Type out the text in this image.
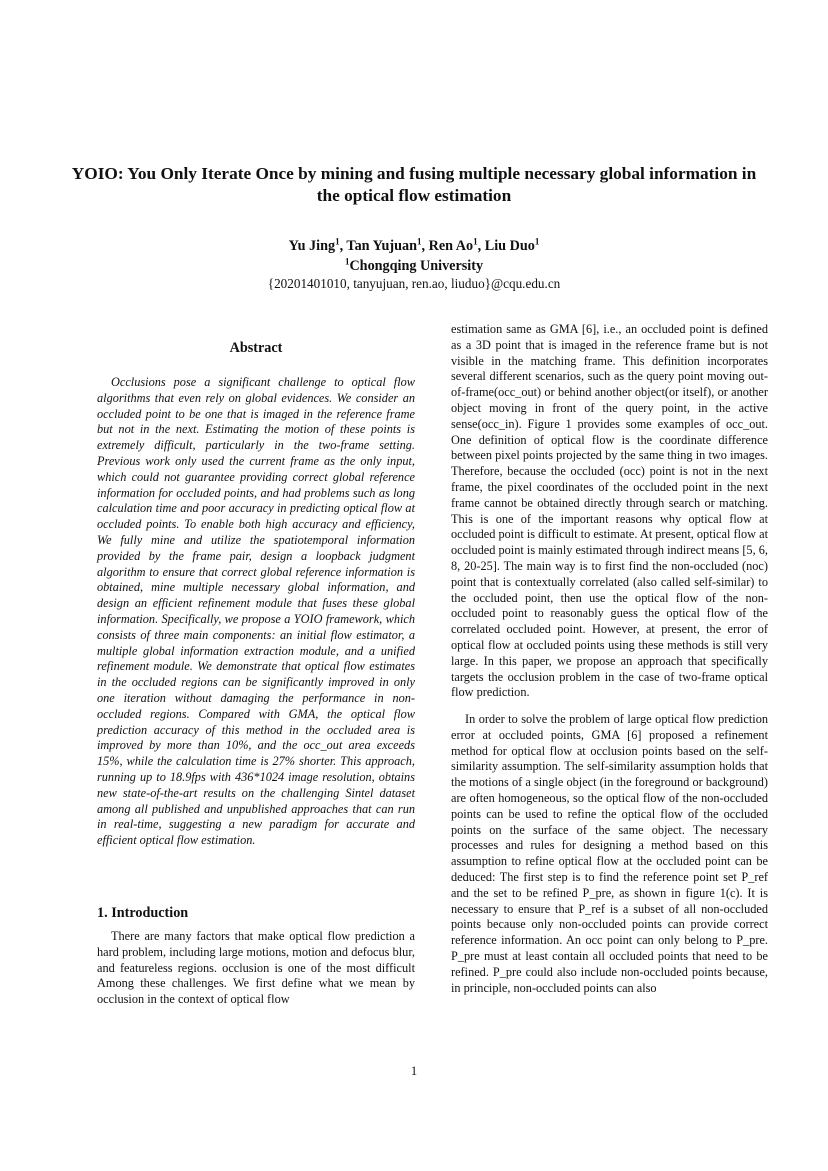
YOIO: You Only Iterate Once by mining and fusing multiple necessary global information in the optical flow estimation
Yu Jing$^1$, Tan Yujuan$^1$, Ren Ao$^1$, Liu Duo$^1$
$^1$Chongqing University
{20201401010, tanyujuan, ren.ao, liuduo}@cqu.edu.cn
Abstract

Occlusions pose a significant challenge to optical flow algorithms that even rely on global evidences. We consider an occluded point to be one that is imaged in the reference frame but not in the next. Estimating the motion of these points is extremely difficult, particularly in the two-frame setting. Previous work only used the current frame as the only input, which could not guarantee providing correct global reference information for occluded points, and had problems such as long calculation time and poor accuracy in predicting optical flow at occluded points. To enable both high accuracy and efficiency, We fully mine and utilize the spatiotemporal information provided by the frame pair, design a loopback judgment algorithm to ensure that correct global reference information is obtained, mine multiple necessary global information, and design an efficient refinement module that fuses these global information. Specifically, we propose a YOIO framework, which consists of three main components: an initial flow estimator, a multiple global information extraction module, and a unified refinement module. We demonstrate that optical flow estimates in the occluded regions can be significantly improved in only one iteration without damaging the performance in non-occluded regions. Compared with GMA, the optical flow prediction accuracy of this method in the occluded area is improved by more than 10%, and the occ_out area exceeds 15%, while the calculation time is 27% shorter. This approach, running up to 18.9fps with 436*1024 image resolution, obtains new state-of-the-art results on the challenging Sintel dataset among all published and unpublished approaches that can run in real-time, suggesting a new paradigm for accurate and efficient optical flow estimation.

1. Introduction

There are many factors that make optical flow prediction a hard problem, including large motions, motion and defocus blur, and featureless regions. occlusion is one of the most difficult Among these challenges. We first define what we mean by occlusion in the context of optical flow

estimation same as GMA [6], i.e., an occluded point is defined as a 3D point that is imaged in the reference frame but is not visible in the matching frame. This definition incorporates several different scenarios, such as the query point moving out-of-frame(occ_out) or behind another object(or itself), or another object moving in front of the query point, in the active sense(occ_in). Figure 1 provides some examples of occ_out. One definition of optical flow is the coordinate difference between pixel points projected by the same thing in two images. Therefore, because the occluded (occ) point is not in the next frame, the pixel coordinates of the occluded point in the next frame cannot be obtained directly through search or matching. This is one of the important reasons why optical flow at occluded point is difficult to estimate. At present, optical flow at occluded point is mainly estimated through indirect means [5, 6, 8, 20-25]. The main way is to first find the non-occluded (noc) point that is contextually correlated (also called self-similar) to the occluded point, then use the optical flow of the non-occluded point to reasonably guess the optical flow of the correlated occluded point. However, at present, the error of optical flow at occluded points using these methods is still very large. In this paper, we propose an approach that specifically targets the occlusion problem in the case of two-frame optical flow prediction.

In order to solve the problem of large optical flow prediction error at occluded points, GMA [6] proposed a refinement method for optical flow at occlusion points based on the self-similarity assumption. The self-similarity assumption holds that the motions of a single object (in the foreground or background) are often homogeneous, so the optical flow of the non-occluded points can be used to refine the optical flow of the occluded points on the surface of the same object. The necessary processes and rules for designing a method based on this assumption to refine optical flow at the occluded point can be deduced: The first step is to find the reference point set P_ref and the set to be refined P_pre, as shown in figure 1(c). It is necessary to ensure that P_ref is a subset of all non-occluded points because only non-occluded points can provide correct reference information. An occ point can only belong to P_pre. P_pre must at least contain all occluded points that need to be refined. P_pre could also include non-occluded points because, in principle, non-occluded points can also

1
